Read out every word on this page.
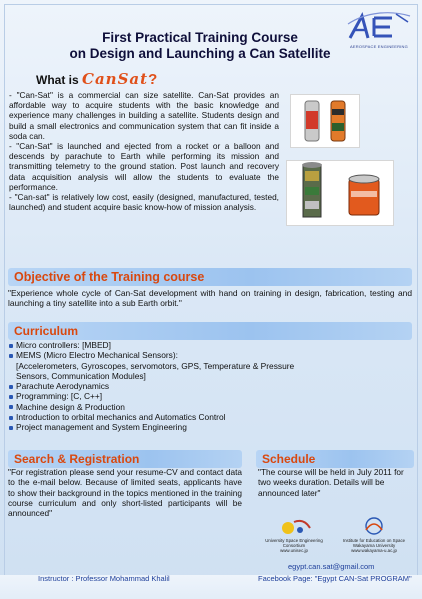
AEROSPACE ENGINEERING
First Practical Training Course
on Design and Launching a Can Satellite
What is CanSat?

- "Can-Sat" is a commercial can size satellite. Can-Sat provides an affordable way to acquire students with the basic knowledge and experience many challenges in building a satellite. Students design and build a small electronics and communication system that can fit inside a soda can.

- "Can-Sat" is launched and ejected from a rocket or a balloon and descends by parachute to Earth while performing its mission and transmitting telemetry to the ground station. Post launch and recovery data acquisition analysis will allow the students to evaluate the performance.

- "Can-sat" is relatively low cost, easily (designed, manufactured, tested, launched) and student acquire basic know-how of mission analysis.

Objective of the Training course
"Experience whole cycle of Can-Sat development with hand on training in design, fabrication, testing and launching a tiny satellite into a sub Earth orbit."
Curriculum
Micro controllers: [MBED]
MEMS (Micro Electro Mechanical Sensors):
[Accelerometers, Gyroscopes, servomotors, GPS, Temperature & Pressure
Sensors, Communication Modules]
Parachute Aerodynamics
Programming: [C, C++]
Machine design & Production
Introduction to orbital mechanics and Automatics Control
Project management and System Engineering
Search & Registration
"For registration please send your resume-CV and contact data to the e-mail below. Because of limited seats, applicants have to show their background in the topics mentioned in the training course curriculum and only short-listed participants will be announced"
Schedule
"The course will be held in July 2011 for two weeks duration. Details will be announced later"
University Space Engineering Consortium
www.unisec.jp
Institute for Education on Space
Wakayama University
www.wakayama-u.ac.jp
egypt.can.sat@gmail.com
Instructor : Professor Mohammad Khalil	Facebook Page: "Egypt CAN-Sat PROGRAM"
